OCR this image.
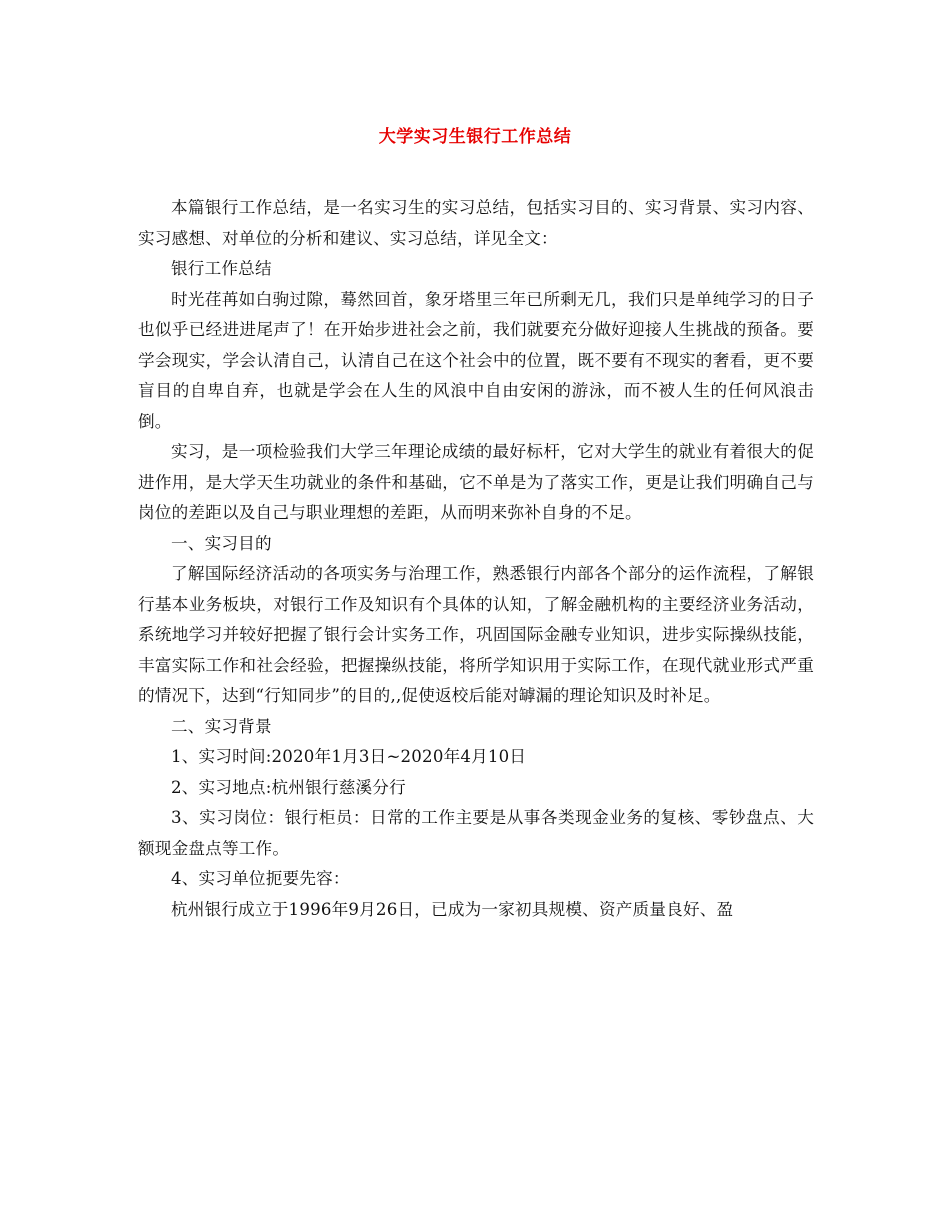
大学实习生银行工作总结

本篇银行工作总结，是一名实习生的实习总结，包括实习目的、实习背景、实习内容、实习感想、对单位的分析和建议、实习总结，详见全文：

银行工作总结

时光荏苒如白驹过隙，蓦然回首，象牙塔里三年已所剩无几，我们只是单纯学习的日子也似乎已经进进尾声了！在开始步进社会之前，我们就要充分做好迎接人生挑战的预备。要学会现实，学会认清自己，认清自己在这个社会中的位置，既不要有不现实的奢看，更不要盲目的自卑自弃，也就是学会在人生的风浪中自由安闲的游泳，而不被人生的任何风浪击倒。

实习，是一项检验我们大学三年理论成绩的最好标杆，它对大学生的就业有着很大的促进作用，是大学天生功就业的条件和基础，它不单是为了落实工作，更是让我们明确自己与岗位的差距以及自己与职业理想的差距，从而明来弥补自身的不足。

一、实习目的

了解国际经济活动的各项实务与治理工作，熟悉银行内部各个部分的运作流程，了解银行基本业务板块，对银行工作及知识有个具体的认知，了解金融机构的主要经济业务活动，系统地学习并较好把握了银行会计实务工作，巩固国际金融专业知识，进步实际操纵技能，丰富实际工作和社会经验，把握操纵技能，将所学知识用于实际工作，在现代就业形式严重的情况下，达到“行知同步”的目的,,促使返校后能对罅漏的理论知识及时补足。

二、实习背景

1、实习时间:2020年1月3日~2020年4月10日

2、实习地点:杭州银行慈溪分行

3、实习岗位：银行柜员：日常的工作主要是从事各类现金业务的复核、零钞盘点、大额现金盘点等工作。

4、实习单位扼要先容：

杭州银行成立于1996年9月26日，已成为一家初具规模、资产质量良好、盈
